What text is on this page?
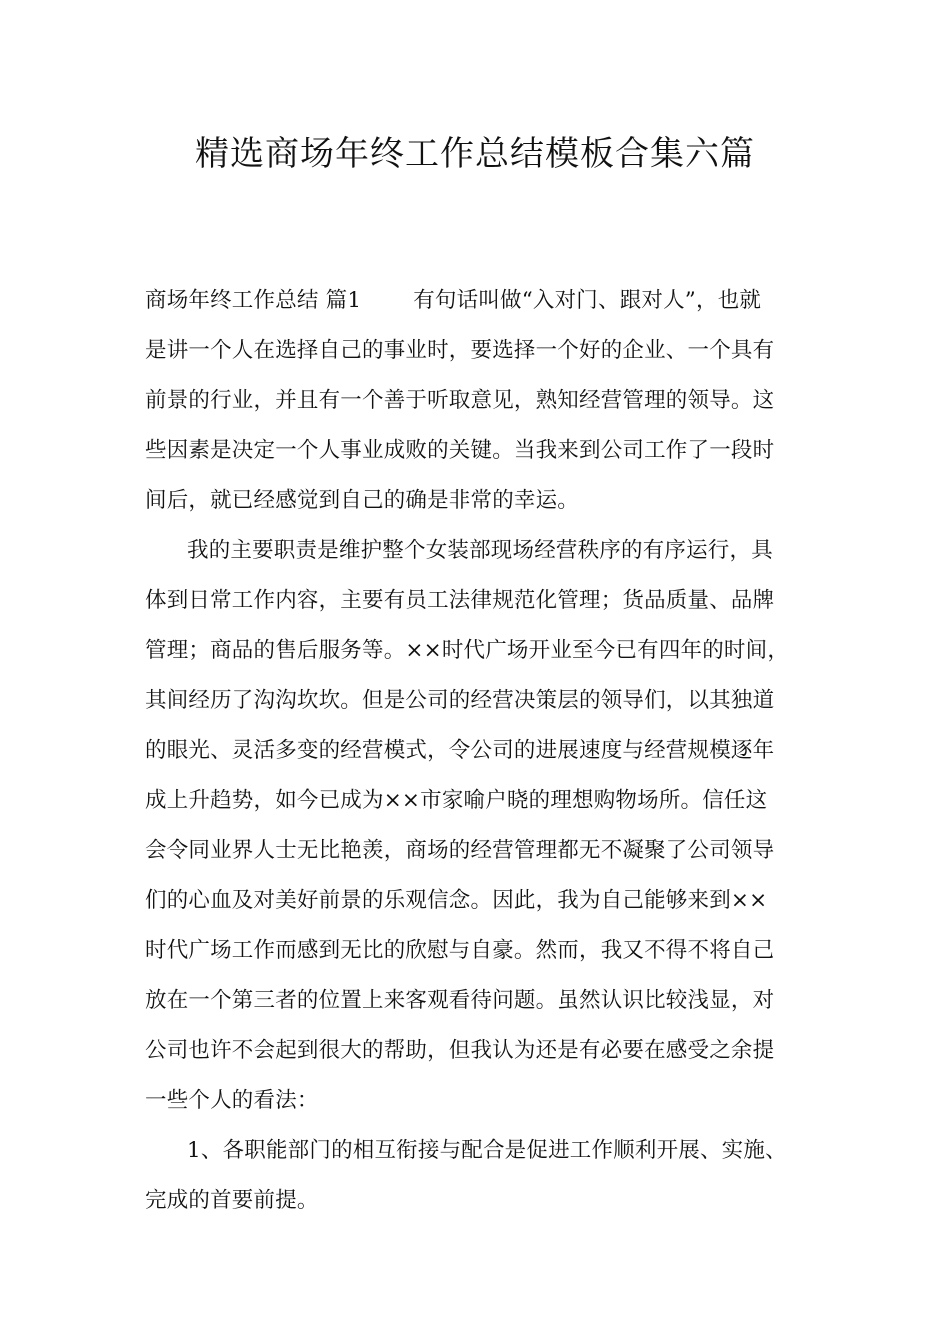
精选商场年终工作总结模板合集六篇
商场年终工作总结 篇1 有句话叫做“入对门、跟对人”，也就
是讲一个人在选择自己的事业时，要选择一个好的企业、一个具有
前景的行业，并且有一个善于听取意见，熟知经营管理的领导。这
些因素是决定一个人事业成败的关键。当我来到公司工作了一段时
间后，就已经感觉到自己的确是非常的幸运。
我的主要职责是维护整个女装部现场经营秩序的有序运行，具
体到日常工作内容，主要有员工法律规范化管理；货品质量、品牌
管理；商品的售后服务等。××时代广场开业至今已有四年的时间，
其间经历了沟沟坎坎。但是公司的经营决策层的领导们，以其独道
的眼光、灵活多变的经营模式，令公司的进展速度与经营规模逐年
成上升趋势，如今已成为××市家喻户晓的理想购物场所。信任这
会令同业界人士无比艳羡，商场的经营管理都无不凝聚了公司领导
们的心血及对美好前景的乐观信念。因此，我为自己能够来到××
时代广场工作而感到无比的欣慰与自豪。然而，我又不得不将自己
放在一个第三者的位置上来客观看待问题。虽然认识比较浅显，对
公司也许不会起到很大的帮助，但我认为还是有必要在感受之余提
一些个人的看法：
1、各职能部门的相互衔接与配合是促进工作顺利开展、实施、
完成的首要前提。
